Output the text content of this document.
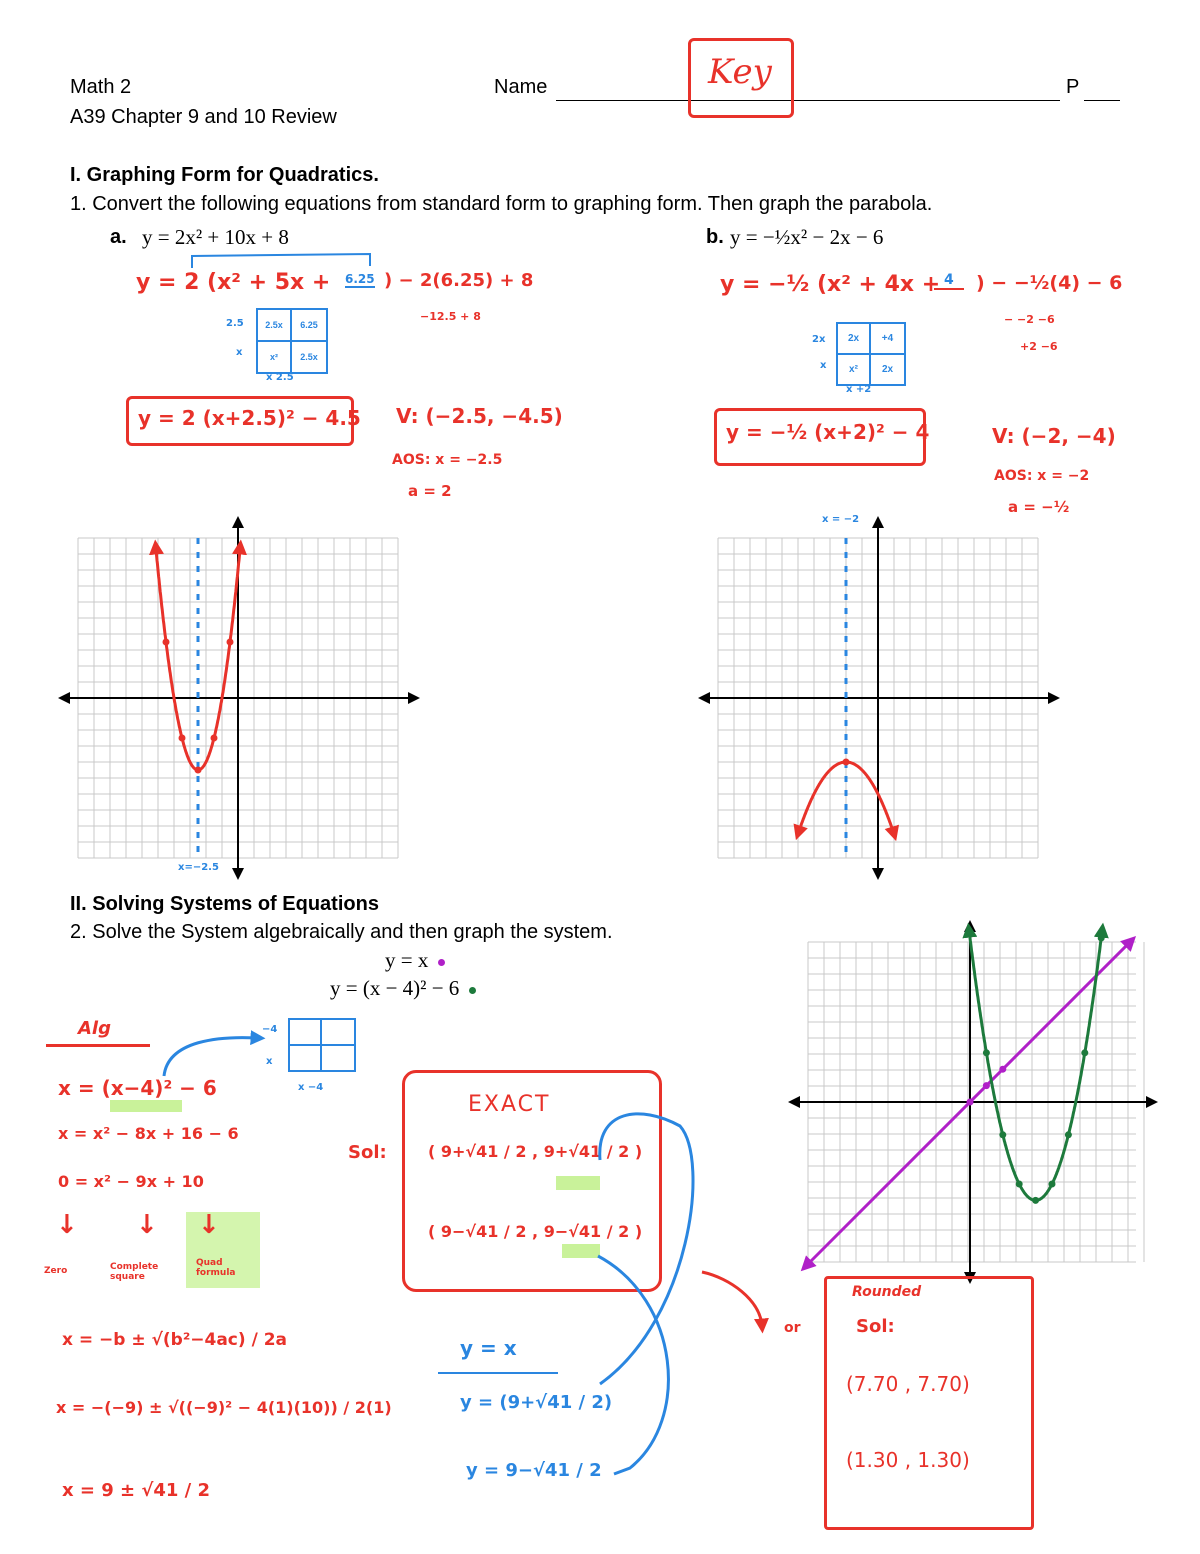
Math 2
A39 Chapter 9 and 10 Review
Name	P
Key
I. Graphing Form for Quadratics.
1. Convert the following equations from standard form to graphing form. Then graph the parabola.
a. y = 2x² + 10x + 8	b. y = −½x² − 2x − 6
y = 2 (x² + 5x + 6.25 ) − 2(6.25) + 8
−12.5 + 8
2.5
x
2.5x	6.25
x²	2.5x
x 2.5
y = 2 (x+2.5)² − 4.5 V: (−2.5, −4.5)
AOS: x = −2.5
a = 2
y = −½ (x² + 4x + 4	) − −½(4) − 6
− −2 −6
+2 −6
2x
x
2x	+4
x²	2x
x +2
y = −½ (x+2)² − 4	V: (−2, −4)
AOS: x = −2
a = −½
x=−2.5
x = −2
II. Solving Systems of Equations
2. Solve the System algebraically and then graph the system.
y = x
y = (x − 4)² − 6
Alg
x = (x−4)² − 6
x = x² − 8x + 16 − 6
0 = x² − 9x + 10
↓ ↓ ↓
Zero	Complete square
Quad formula
x = −b ± √(b²−4ac) / 2a
x = −(−9) ± √((−9)² − 4(1)(10)) / 2(1)
x = 9 ± √41 / 2
−4
x
x −4
Sol:
EXACT
( 9+√41 / 2 , 9+√41 / 2 )
( 9−√41 / 2 , 9−√41 / 2 )
y = x
y = (9+√41 / 2)
y = 9−√41 / 2
or
Rounded
Sol:
(7.70 , 7.70)
(1.30 , 1.30)
